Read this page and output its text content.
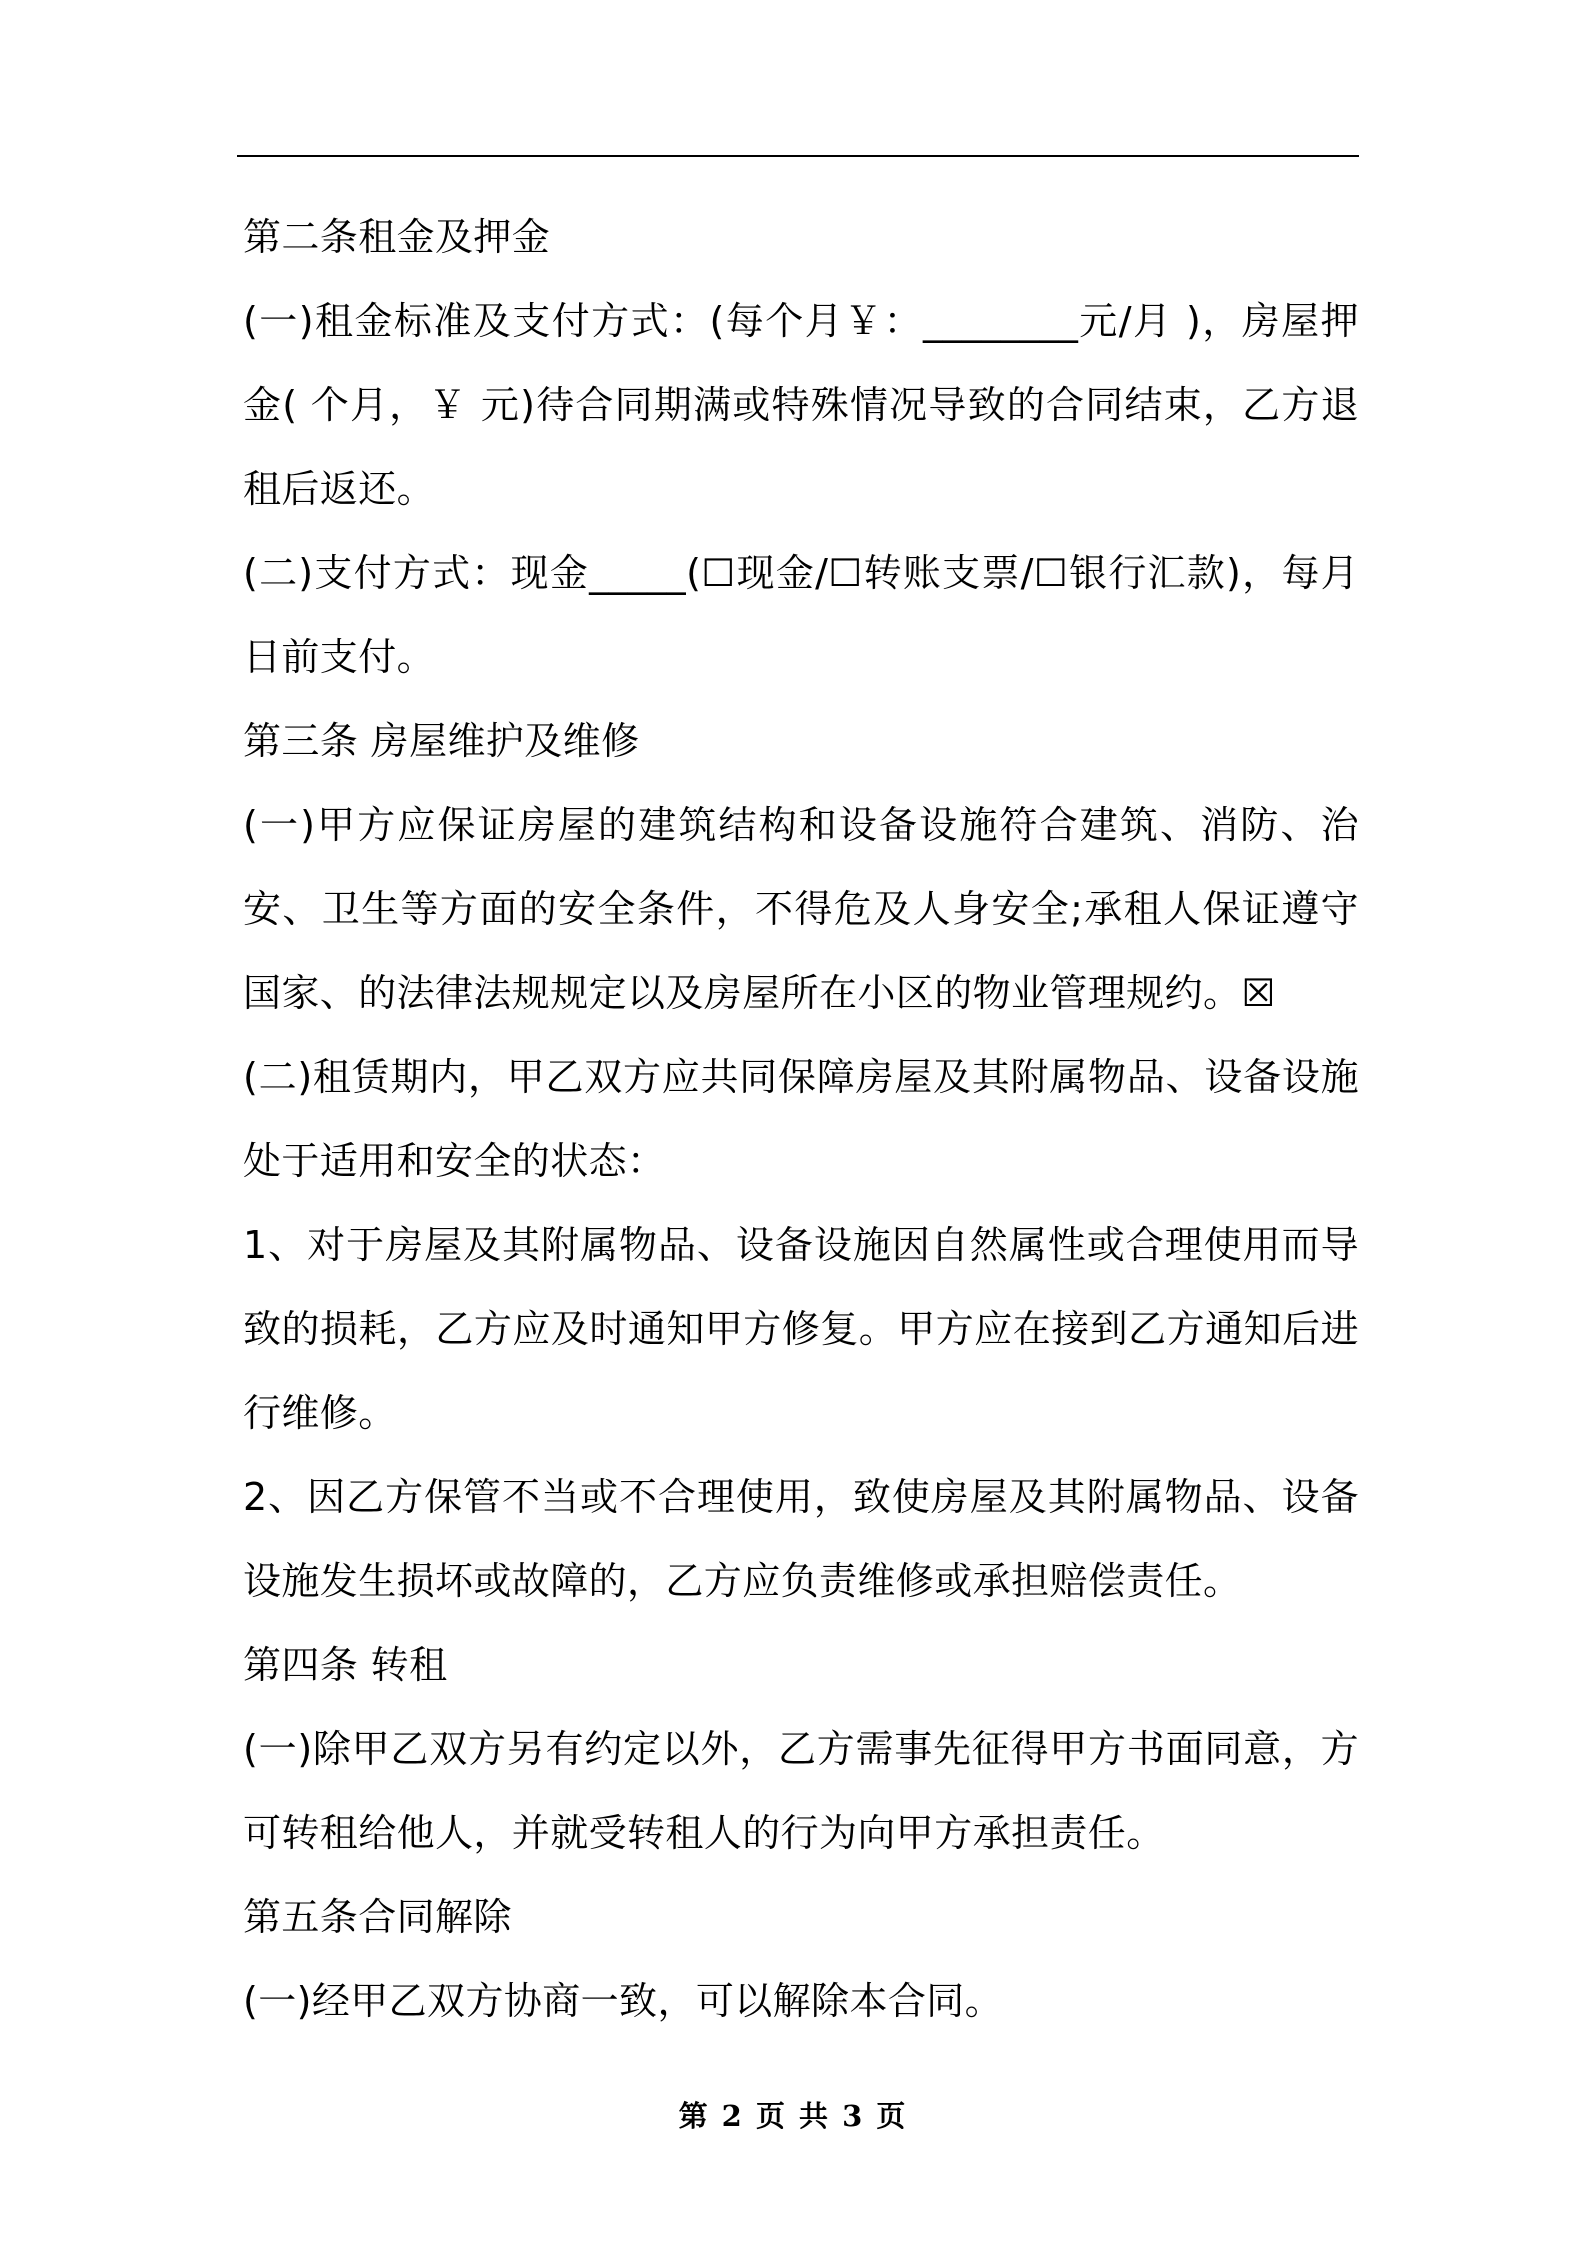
第二条租金及押金

(一)租金标准及支付方式：(每个月￥：________元/月 )，房屋押金( 个月，￥ 元)待合同期满或特殊情况导致的合同结束，乙方退租后返还。

(二)支付方式：现金_____(☐现金/☐转账支票/☐银行汇款)，每月 日前支付。

第三条 房屋维护及维修

(一)甲方应保证房屋的建筑结构和设备设施符合建筑、消防、治安、卫生等方面的安全条件，不得危及人身安全;承租人保证遵守国家、的法律法规规定以及房屋所在小区的物业管理规约。☒

(二)租赁期内，甲乙双方应共同保障房屋及其附属物品、设备设施处于适用和安全的状态：

1、对于房屋及其附属物品、设备设施因自然属性或合理使用而导致的损耗，乙方应及时通知甲方修复。甲方应在接到乙方通知后进行维修。

2、因乙方保管不当或不合理使用，致使房屋及其附属物品、设备设施发生损坏或故障的，乙方应负责维修或承担赔偿责任。

第四条 转租

(一)除甲乙双方另有约定以外，乙方需事先征得甲方书面同意，方可转租给他人，并就受转租人的行为向甲方承担责任。

第五条合同解除

(一)经甲乙双方协商一致，可以解除本合同。

第 2 页 共 3 页
